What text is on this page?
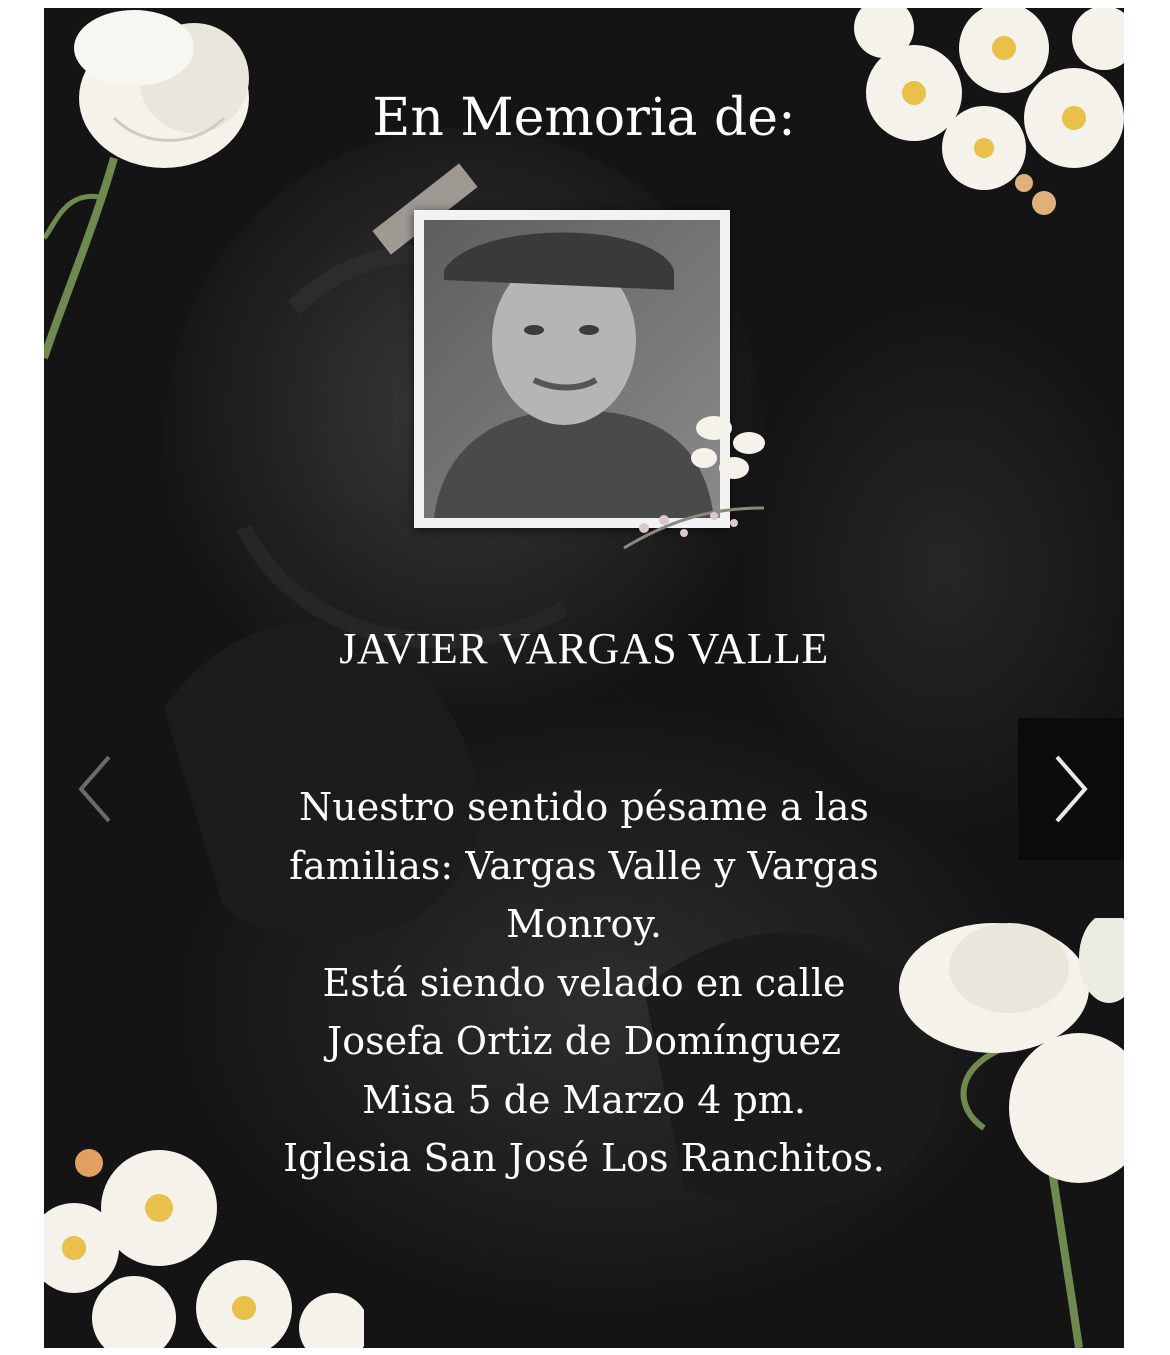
En Memoria de:
JAVIER VARGAS VALLE
Nuestro sentido pésame a las
familias: Vargas Valle y Vargas
Monroy.
Está siendo velado en calle
Josefa Ortiz de Domínguez
Misa 5 de Marzo 4 pm.
Iglesia San José Los Ranchitos.
